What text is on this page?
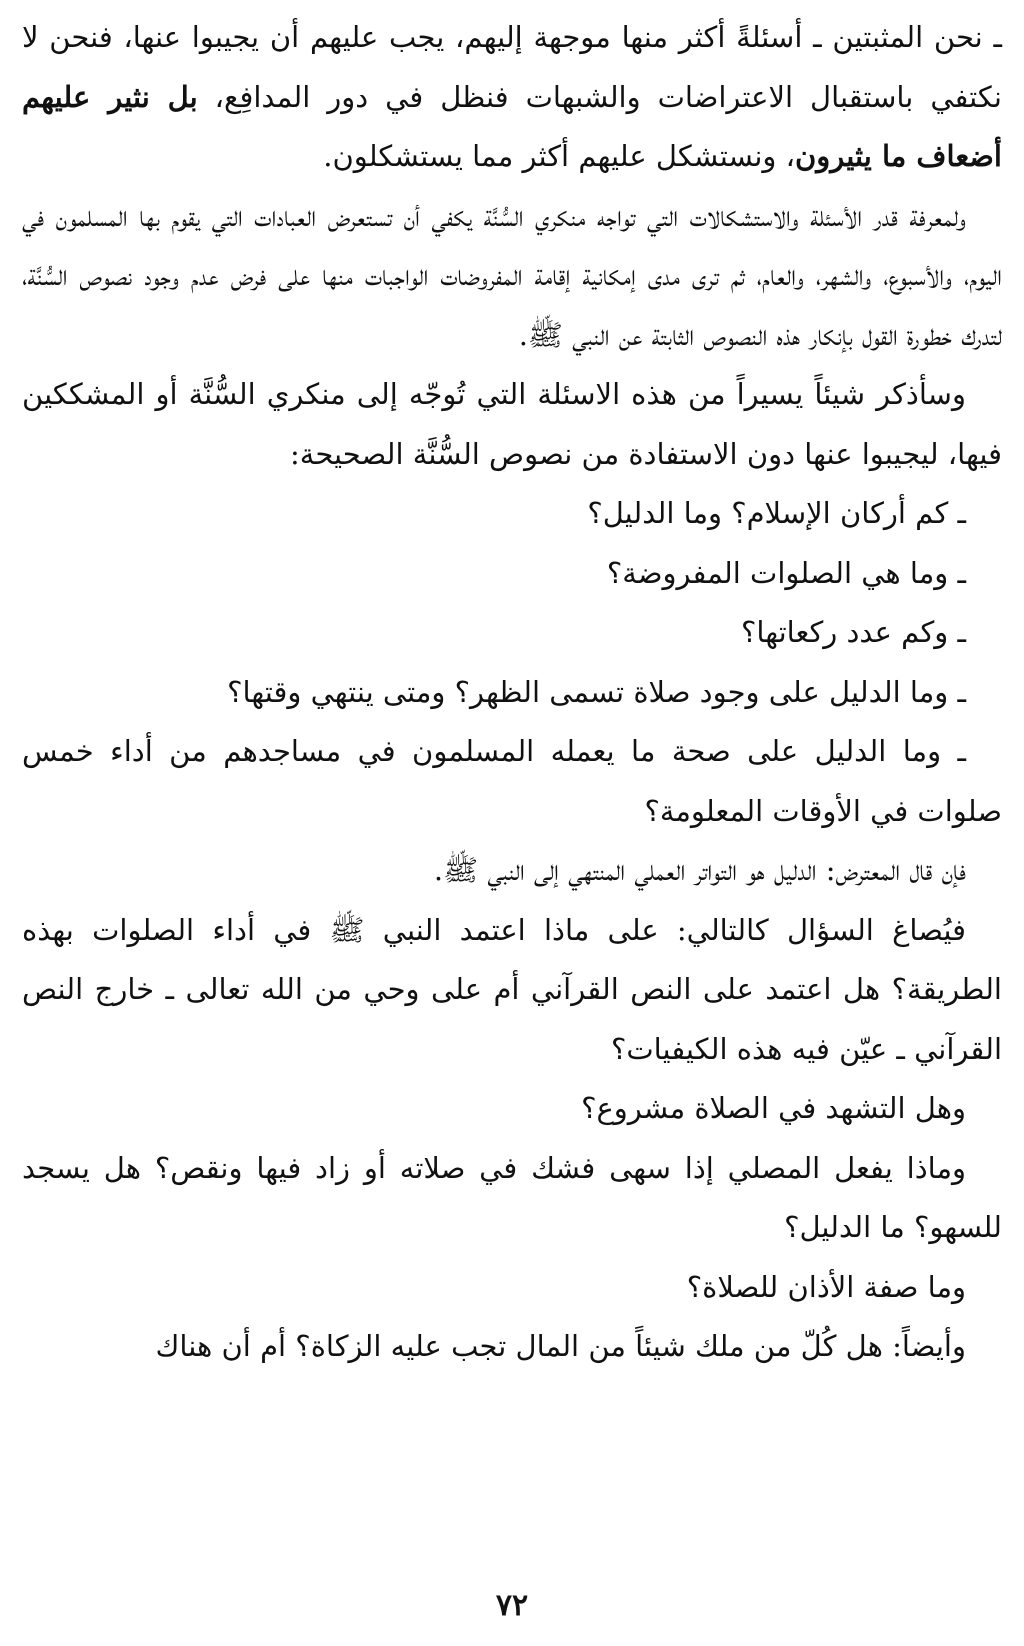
ـ نحن المثبتين ـ أسئلةً أكثر منها موجهة إليهم، يجب عليهم أن يجيبوا عنها، فنحن لا نكتفي باستقبال الاعتراضات والشبهات فنظل في دور المدافِع، بل نثير عليهم أضعاف ما يثيرون، ونستشكل عليهم أكثر مما يستشكلون.

ولمعرفة قدر الأسئلة والاستشكالات التي تواجه منكري السُّنَّة يكفي أن تستعرض العبادات التي يقوم بها المسلمون في اليوم، والأسبوع، والشهر، والعام، ثم ترى مدى إمكانية إقامة المفروضات الواجبات منها على فرض عدم وجود نصوص السُّنَّة، لتدرك خطورة القول بإنكار هذه النصوص الثابتة عن النبي ﷺ.

وسأذكر شيئاً يسيراً من هذه الاسئلة التي تُوجّه إلى منكري السُّنَّة أو المشككين فيها، ليجيبوا عنها دون الاستفادة من نصوص السُّنَّة الصحيحة:

ـ كم أركان الإسلام؟ وما الدليل؟

ـ وما هي الصلوات المفروضة؟

ـ وكم عدد ركعاتها؟

ـ وما الدليل على وجود صلاة تسمى الظهر؟ ومتى ينتهي وقتها؟

ـ وما الدليل على صحة ما يعمله المسلمون في مساجدهم من أداء خمس صلوات في الأوقات المعلومة؟

فإن قال المعترض: الدليل هو التواتر العملي المنتهي إلى النبي ﷺ.

فيُصاغ السؤال كالتالي: على ماذا اعتمد النبي ﷺ في أداء الصلوات بهذه الطريقة؟ هل اعتمد على النص القرآني أم على وحي من الله تعالى ـ خارج النص القرآني ـ عيّن فيه هذه الكيفيات؟

وهل التشهد في الصلاة مشروع؟

وماذا يفعل المصلي إذا سهى فشك في صلاته أو زاد فيها ونقص؟ هل يسجد للسهو؟ ما الدليل؟

وما صفة الأذان للصلاة؟

وأيضاً: هل كُلّ من ملك شيئاً من المال تجب عليه الزكاة؟ أم أن هناك

٧٢
